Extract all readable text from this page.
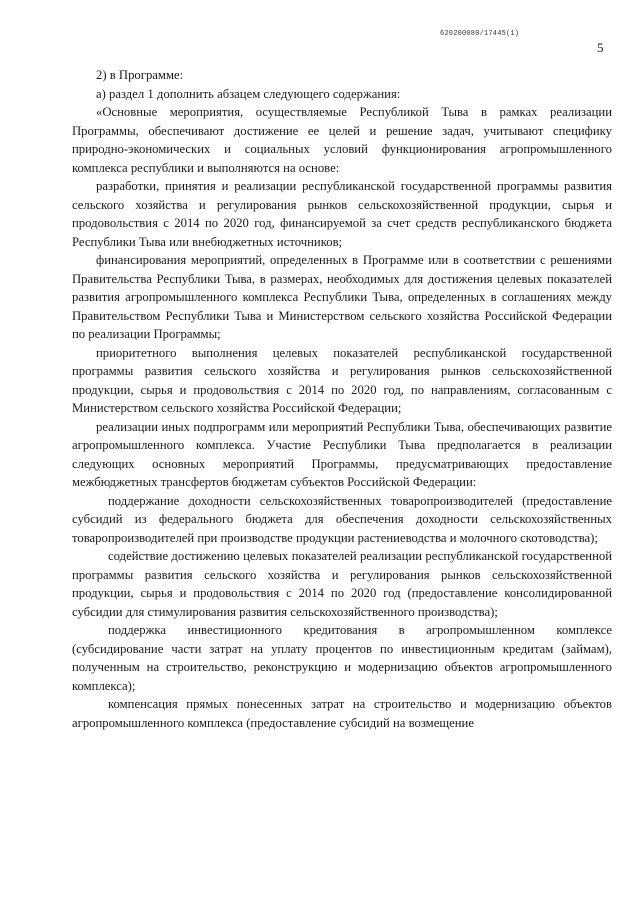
620200080/17445(1)
5

2) в Программе:

а) раздел 1 дополнить абзацем следующего содержания:

«Основные мероприятия, осуществляемые Республикой Тыва в рамках реализации Программы, обеспечивают достижение ее целей и решение задач, учитывают специфику природно-экономических и социальных условий функционирования агропромышленного комплекса республики и выполняются на основе:

разработки, принятия и реализации республиканской государственной программы развития сельского хозяйства и регулирования рынков сельскохозяйственной продукции, сырья и продовольствия с 2014 по 2020 год, финансируемой за счет средств республиканского бюджета Республики Тыва или внебюджетных источников;

финансирования мероприятий, определенных в Программе или в соответствии с решениями Правительства Республики Тыва, в размерах, необходимых для достижения целевых показателей развития агропромышленного комплекса Республики Тыва, определенных в соглашениях между Правительством Республики Тыва и Министерством сельского хозяйства Российской Федерации по реализации Программы;

приоритетного выполнения целевых показателей республиканской государственной программы развития сельского хозяйства и регулирования рынков сельскохозяйственной продукции, сырья и продовольствия с 2014 по 2020 год, по направлениям, согласованным с Министерством сельского хозяйства Российской Федерации;

реализации иных подпрограмм или мероприятий Республики Тыва, обеспечивающих развитие агропромышленного комплекса. Участие Республики Тыва предполагается в реализации следующих основных мероприятий Программы, предусматривающих предоставление межбюджетных трансфертов бюджетам субъектов Российской Федерации:

поддержание доходности сельскохозяйственных товаропроизводителей (предоставление субсидий из федерального бюджета для обеспечения доходности сельскохозяйственных товаропроизводителей при производстве продукции растениеводства и молочного скотоводства);

содействие достижению целевых показателей реализации республиканской государственной программы развития сельского хозяйства и регулирования рынков сельскохозяйственной продукции, сырья и продовольствия с 2014 по 2020 год (предоставление консолидированной субсидии для стимулирования развития сельскохозяйственного производства);

поддержка инвестиционного кредитования в агропромышленном комплексе (субсидирование части затрат на уплату процентов по инвестиционным кредитам (займам), полученным на строительство, реконструкцию и модернизацию объектов агропромышленного комплекса);

компенсация прямых понесенных затрат на строительство и модернизацию объектов агропромышленного комплекса (предоставление субсидий на возмещение
